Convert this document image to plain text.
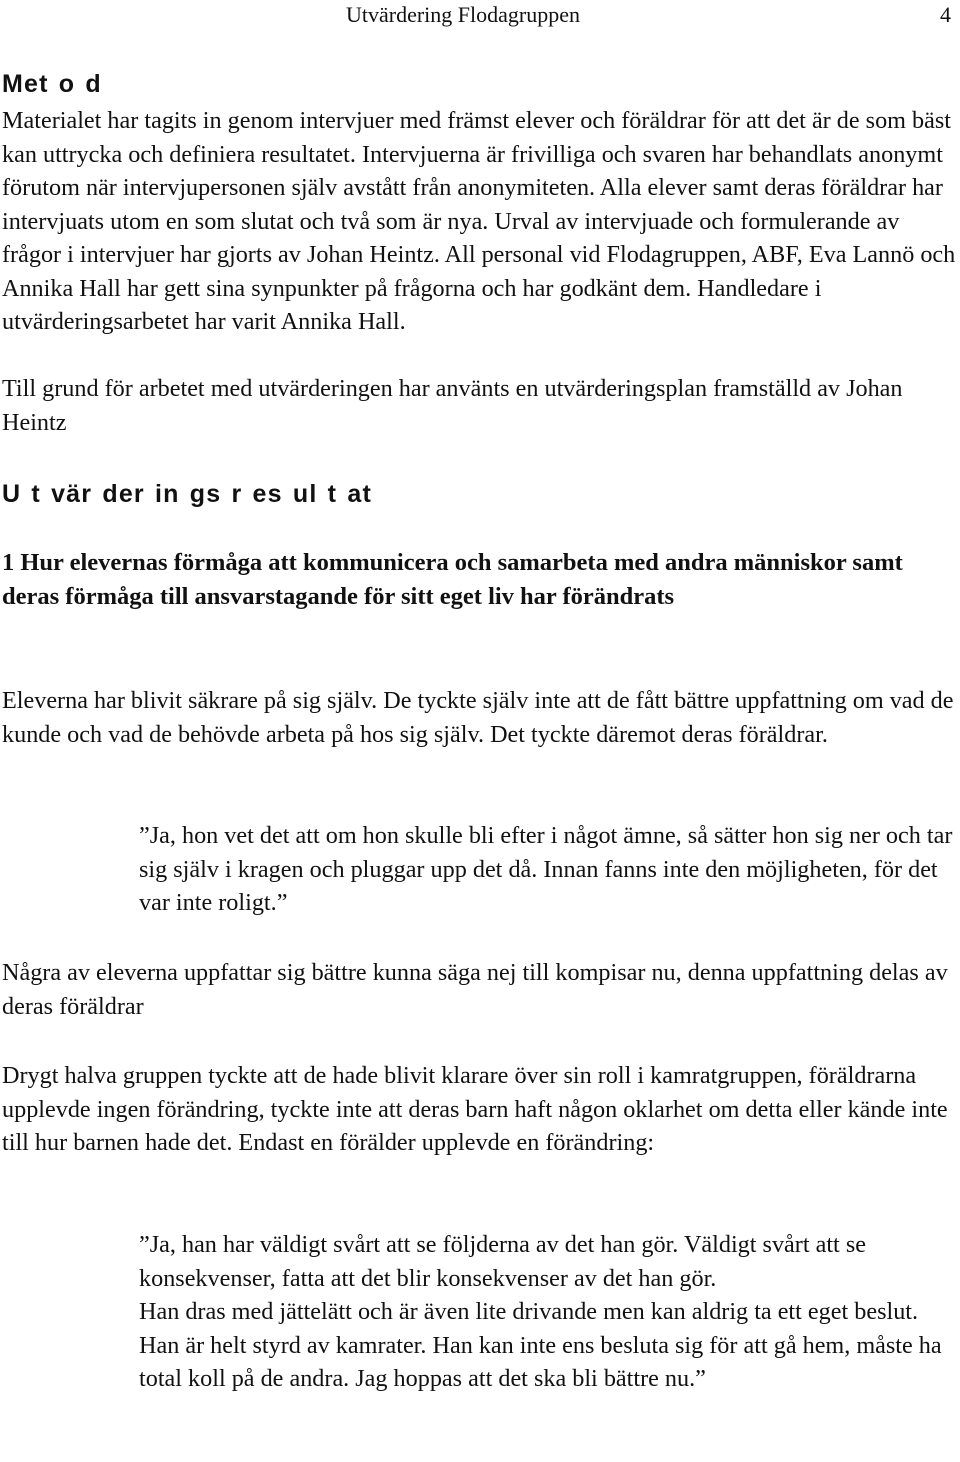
Utvärdering Flodagruppen	4
Met o d

Materialet har tagits in genom intervjuer med främst elever och föräldrar för att det är de som bäst kan uttrycka och definiera resultatet. Intervjuerna är frivilliga och svaren har behandlats anonymt förutom när intervjupersonen själv avstått från anonymiteten. Alla elever samt deras föräldrar har intervjuats utom en som slutat och två som är nya. Urval av intervjuade och formulerande av frågor i intervjuer har gjorts av Johan Heintz. All personal vid Flodagruppen, ABF, Eva Lannö och Annika Hall har gett sina synpunkter på frågorna och har godkänt dem. Handledare i utvärderingsarbetet har varit Annika Hall.

Till grund för arbetet med utvärderingen har använts en utvärderingsplan framställd av Johan Heintz

U t vär der in gs r es ul t at

1 Hur elevernas förmåga att kommunicera och samarbeta med andra människor samt deras förmåga till ansvarstagande för sitt eget liv har förändrats

Eleverna har blivit säkrare på sig själv. De tyckte själv inte att de fått bättre uppfattning om vad de kunde och vad de behövde arbeta på hos sig själv. Det tyckte däremot deras föräldrar.

”Ja, hon vet det att om hon skulle bli efter i något ämne, så sätter hon sig ner och tar sig själv i kragen och pluggar upp det då. Innan fanns inte den möjligheten, för det var inte roligt.”

Några av eleverna uppfattar sig bättre kunna säga nej till kompisar nu, denna uppfattning delas av deras föräldrar

Drygt halva gruppen tyckte att de hade blivit klarare över sin roll i kamratgruppen, föräldrarna upplevde ingen förändring, tyckte inte att deras barn haft någon oklarhet om detta eller kände inte till hur barnen hade det. Endast en förälder upplevde en förändring:

”Ja, han har väldigt svårt att se följderna av det han gör. Väldigt svårt att se konsekvenser, fatta att det blir konsekvenser av det han gör.

Han dras med jättelätt och är även lite drivande men kan aldrig ta ett eget beslut. Han är helt styrd av kamrater. Han kan inte ens besluta sig för att gå hem, måste ha total koll på de andra. Jag hoppas att det ska bli bättre nu.”
